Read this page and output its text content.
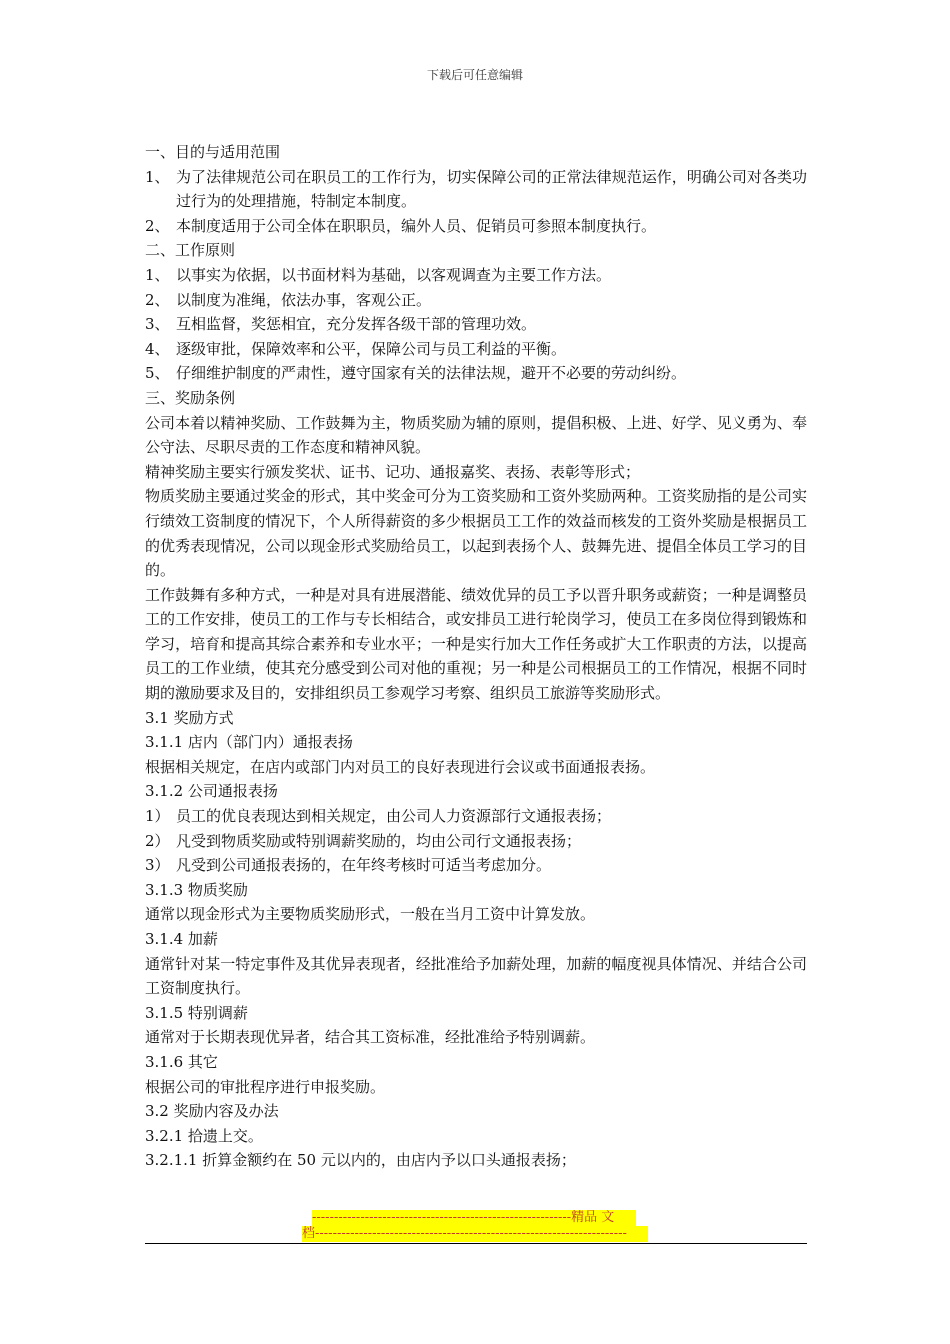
下载后可任意编辑

一、目的与适用范围

1、 为了法律规范公司在职员工的工作行为，切实保障公司的正常法律规范运作，明确公司对各类功过行为的处理措施，特制定本制度。

2、 本制度适用于公司全体在职职员，编外人员、促销员可参照本制度执行。

二、工作原则

1、 以事实为依据，以书面材料为基础，以客观调查为主要工作方法。

2、 以制度为准绳，依法办事，客观公正。

3、 互相监督，奖惩相宜，充分发挥各级干部的管理功效。

4、 逐级审批，保障效率和公平，保障公司与员工利益的平衡。

5、 仔细维护制度的严肃性，遵守国家有关的法律法规，避开不必要的劳动纠纷。

三、奖励条例

公司本着以精神奖励、工作鼓舞为主，物质奖励为辅的原则，提倡积极、上进、好学、见义勇为、奉公守法、尽职尽责的工作态度和精神风貌。

精神奖励主要实行颁发奖状、证书、记功、通报嘉奖、表扬、表彰等形式；

物质奖励主要通过奖金的形式，其中奖金可分为工资奖励和工资外奖励两种。工资奖励指的是公司实行绩效工资制度的情况下，个人所得薪资的多少根据员工工作的效益而核发的工资外奖励是根据员工的优秀表现情况，公司以现金形式奖励给员工，以起到表扬个人、鼓舞先进、提倡全体员工学习的目的。

工作鼓舞有多种方式，一种是对具有进展潜能、绩效优异的员工予以晋升职务或薪资；一种是调整员工的工作安排，使员工的工作与专长相结合，或安排员工进行轮岗学习，使员工在多岗位得到锻炼和学习，培育和提高其综合素养和专业水平；一种是实行加大工作任务或扩大工作职责的方法，以提高员工的工作业绩，使其充分感受到公司对他的重视；另一种是公司根据员工的工作情况，根据不同时期的激励要求及目的，安排组织员工参观学习考察、组织员工旅游等奖励形式。

3.1 奖励方式

3.1.1 店内（部门内）通报表扬

根据相关规定，在店内或部门内对员工的良好表现进行会议或书面通报表扬。

3.1.2 公司通报表扬

1） 员工的优良表现达到相关规定，由公司人力资源部行文通报表扬；

2） 凡受到物质奖励或特别调薪奖励的，均由公司行文通报表扬；

3） 凡受到公司通报表扬的，在年终考核时可适当考虑加分。

3.1.3 物质奖励

通常以现金形式为主要物质奖励形式，一般在当月工资中计算发放。

3.1.4 加薪

通常针对某一特定事件及其优异表现者，经批准给予加薪处理，加薪的幅度视具体情况、并结合公司工资制度执行。

3.1.5 特别调薪

通常对于长期表现优异者，结合其工资标准，经批准给予特别调薪。

3.1.6 其它

根据公司的审批程序进行申报奖励。

3.2 奖励内容及办法

3.2.1 拾遗上交。

3.2.1.1 折算金额约在 50 元以内的，由店内予以口头通报表扬；

-----------------------------------------------------------精品 文
档-----------------------------------------------------------------------
